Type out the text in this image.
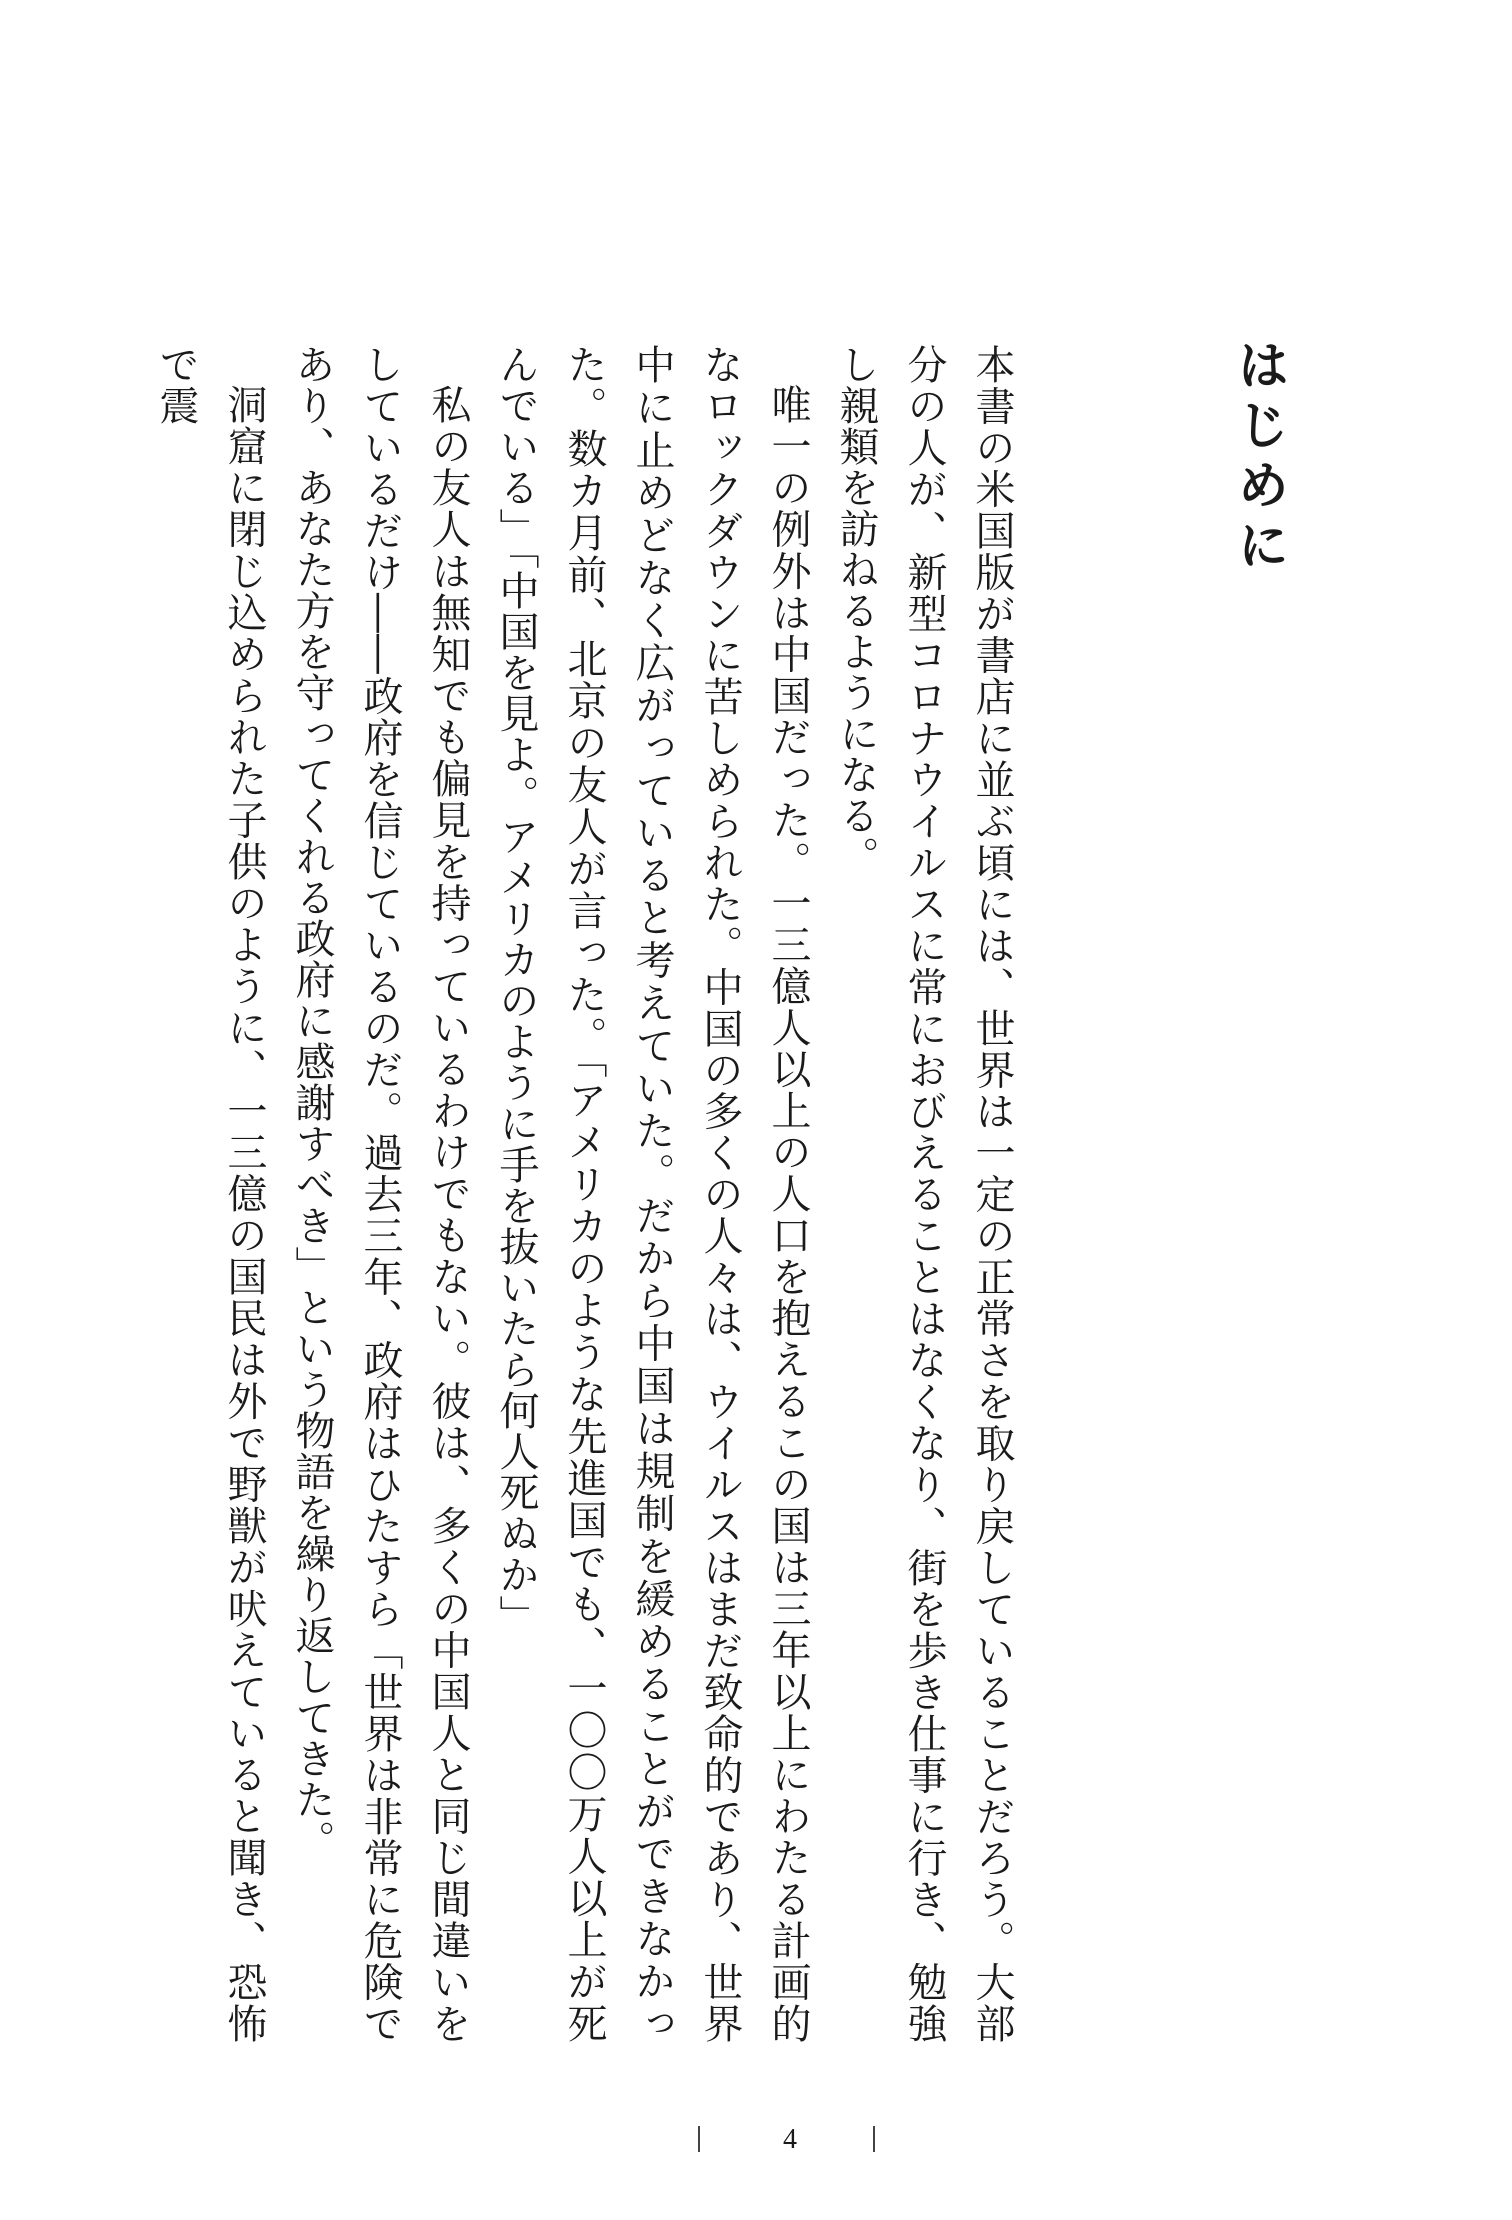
はじめに

本書の米国版が書店に並ぶ頃には、世界は一定の正常さを取り戻していることだろう。大部分の人が、新型コロナウイルスに常におびえることはなくなり、街を歩き仕事に行き、勉強し親類を訪ねるようになる。

唯一の例外は中国だった。一三億人以上の人口を抱えるこの国は三年以上にわたる計画的なロックダウンに苦しめられた。中国の多くの人々は、ウイルスはまだ致命的であり、世界中に止めどなく広がっていると考えていた。だから中国は規制を緩めることができなかった。数カ月前、北京の友人が言った。「アメリカのような先進国でも、一〇〇万人以上が死んでいる」「中国を見よ。アメリカのように手を抜いたら何人死ぬか」

私の友人は無知でも偏見を持っているわけでもない。彼は、多くの中国人と同じ間違いをしているだけ――政府を信じているのだ。過去三年、政府はひたすら「世界は非常に危険であり、あなた方を守ってくれる政府に感謝すべき」という物語を繰り返してきた。

洞窟に閉じ込められた子供のように、一三億の国民は外で野獣が吠えていると聞き、恐怖で震

4
